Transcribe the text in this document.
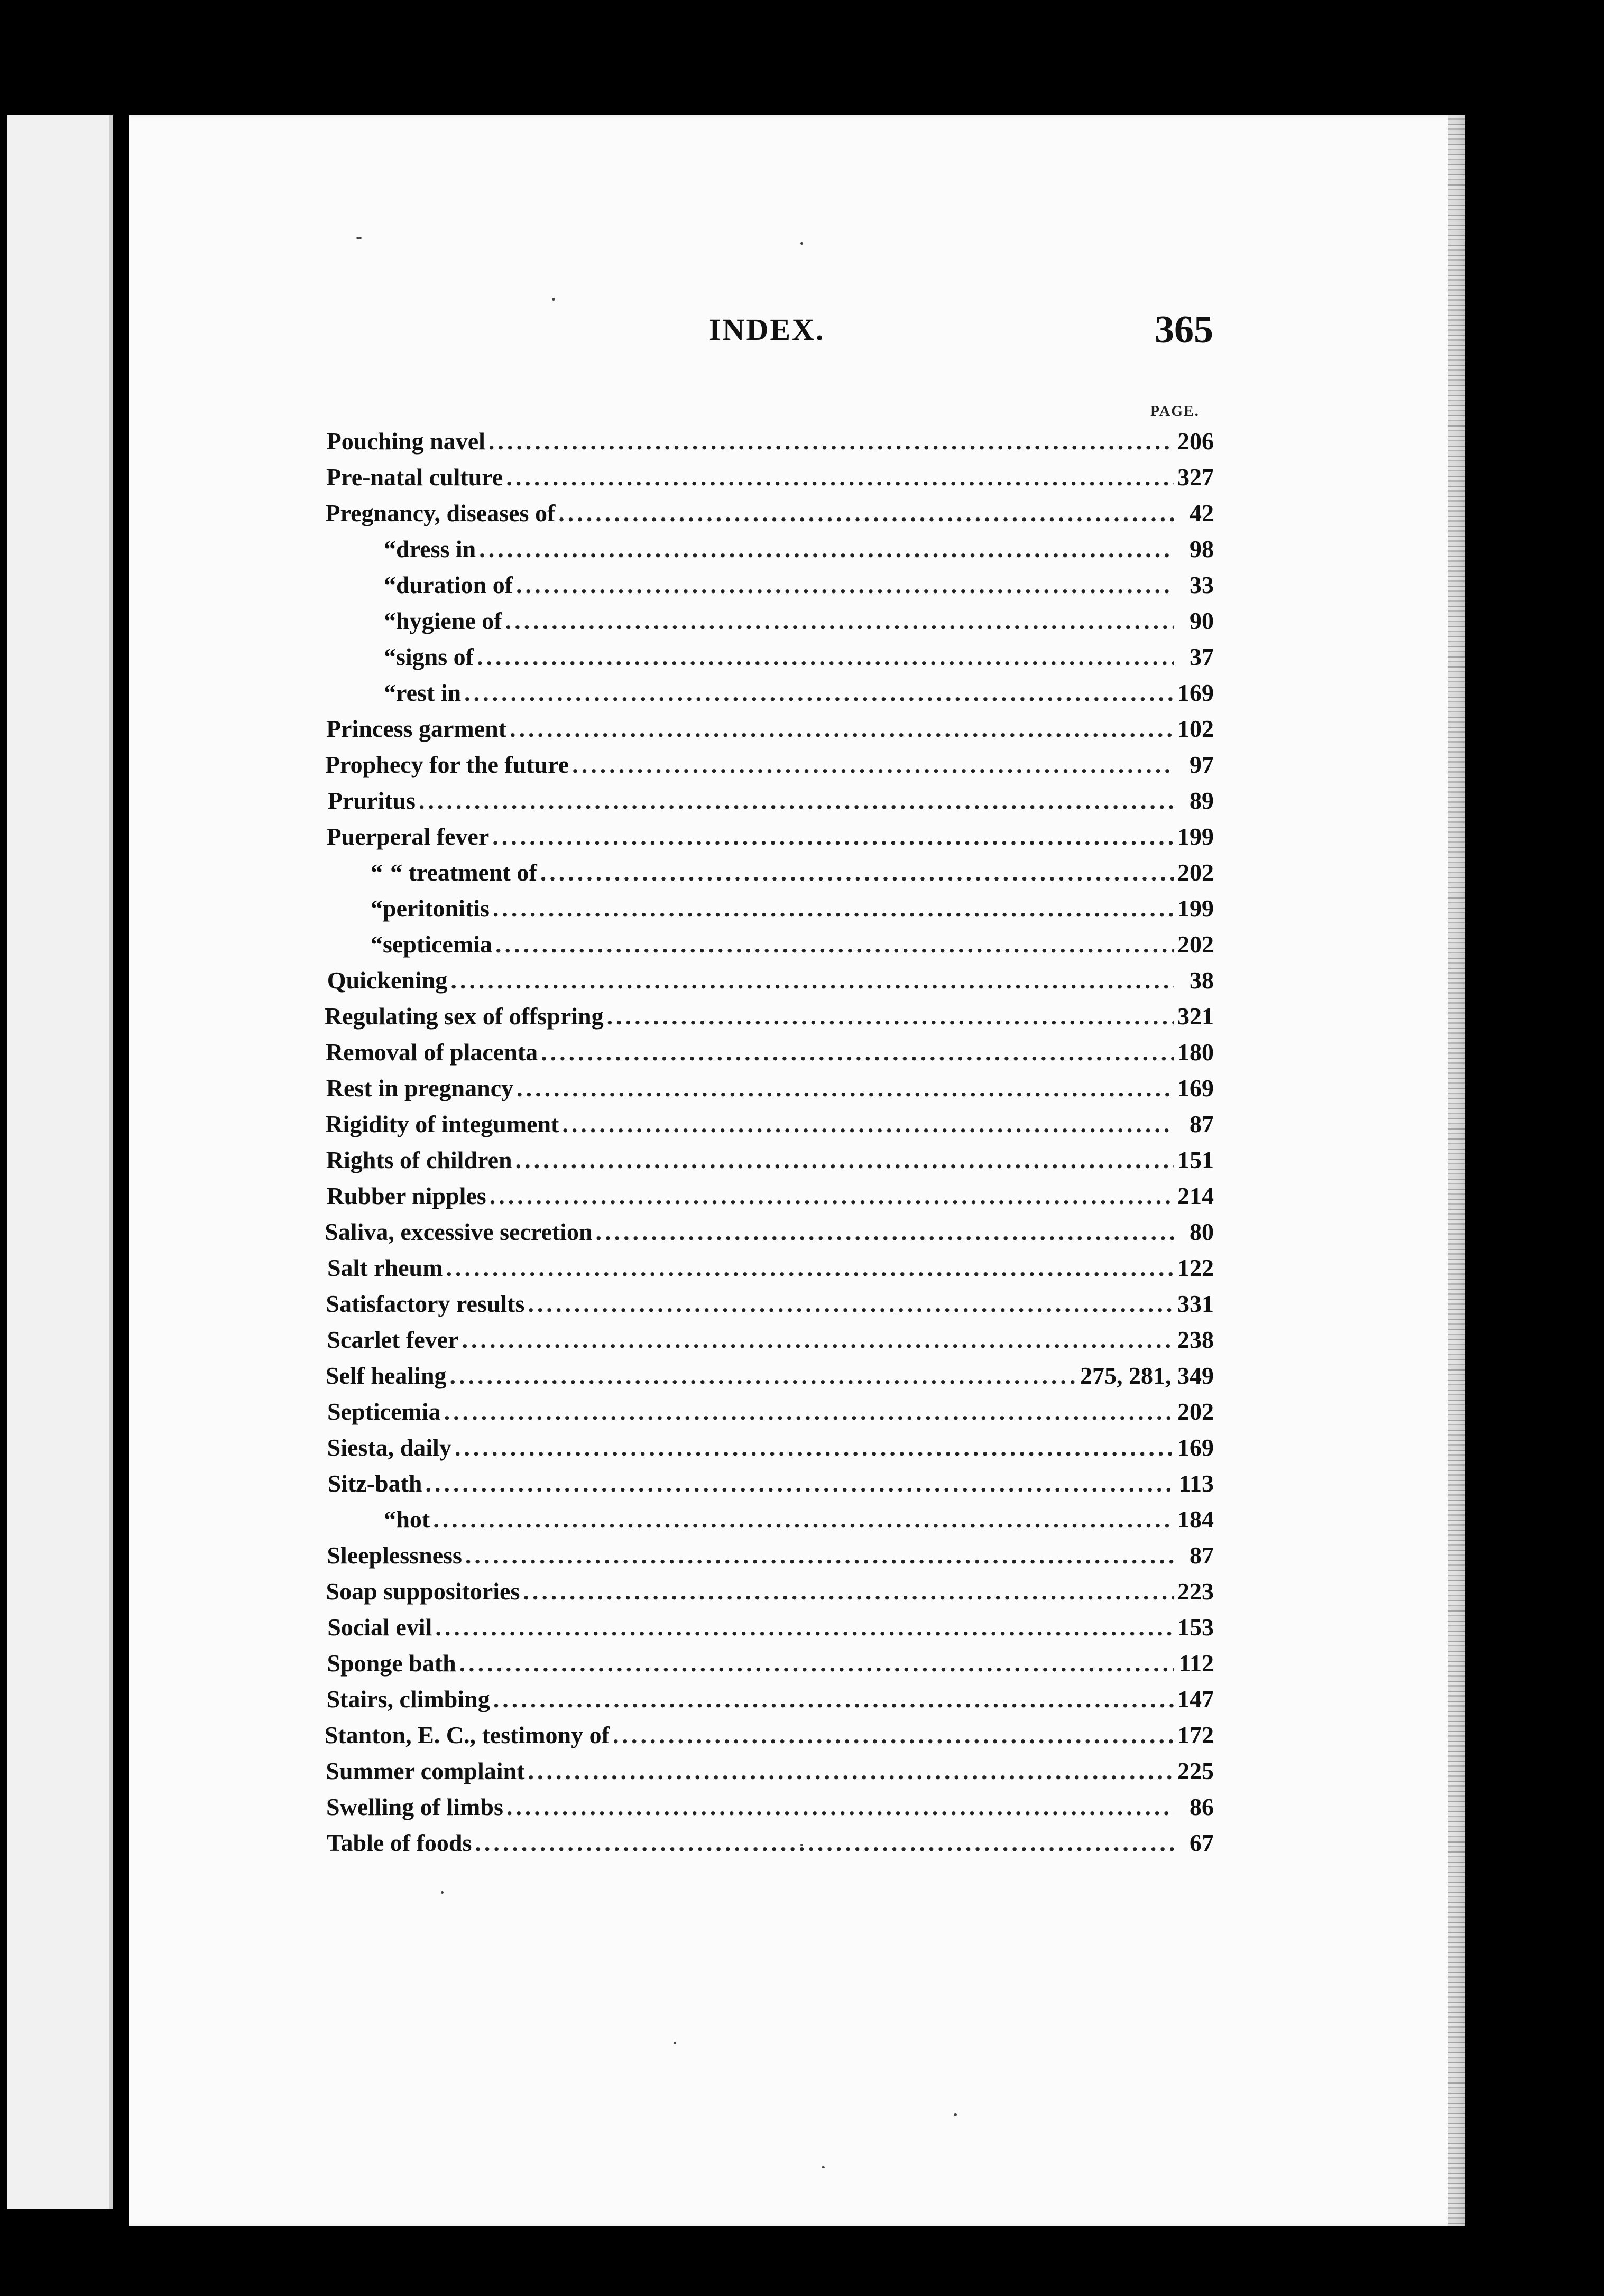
INDEX.	365
PAGE.
Pouching navel .....	206
Pre-natal culture .....	327
Pregnancy, diseases of .....	42
“ dress in .....	98
“ duration of .....	33
“ hygiene of .....	90
“ signs of .....	37
“ rest in .....	169
Princess garment .....	102
Prophecy for the future .....	97
Pruritus .....	89
Puerperal fever .....	199
“ “ treatment of .....	202
“ peritonitis .....	199
“ septicemia .....	202
Quickening .....	38
Regulating sex of offspring .....	321
Removal of placenta .....	180
Rest in pregnancy .....	169
Rigidity of integument .....	87
Rights of children .....	151
Rubber nipples .....	214
Saliva, excessive secretion .....	80
Salt rheum .....	122
Satisfactory results .....	331
Scarlet fever .....	238
Self healing .....	275, 281, 349
Septicemia .....	202
Siesta, daily .....	169
Sitz-bath .....	113
“ hot .....	184
Sleeplessness .....	87
Soap suppositories .....	223
Social evil .....	153
Sponge bath .....	112
Stairs, climbing .....	147
Stanton, E. C., testimony of .....	172
Summer complaint .....	225
Swelling of limbs .....	86
Table of foods .....	67
